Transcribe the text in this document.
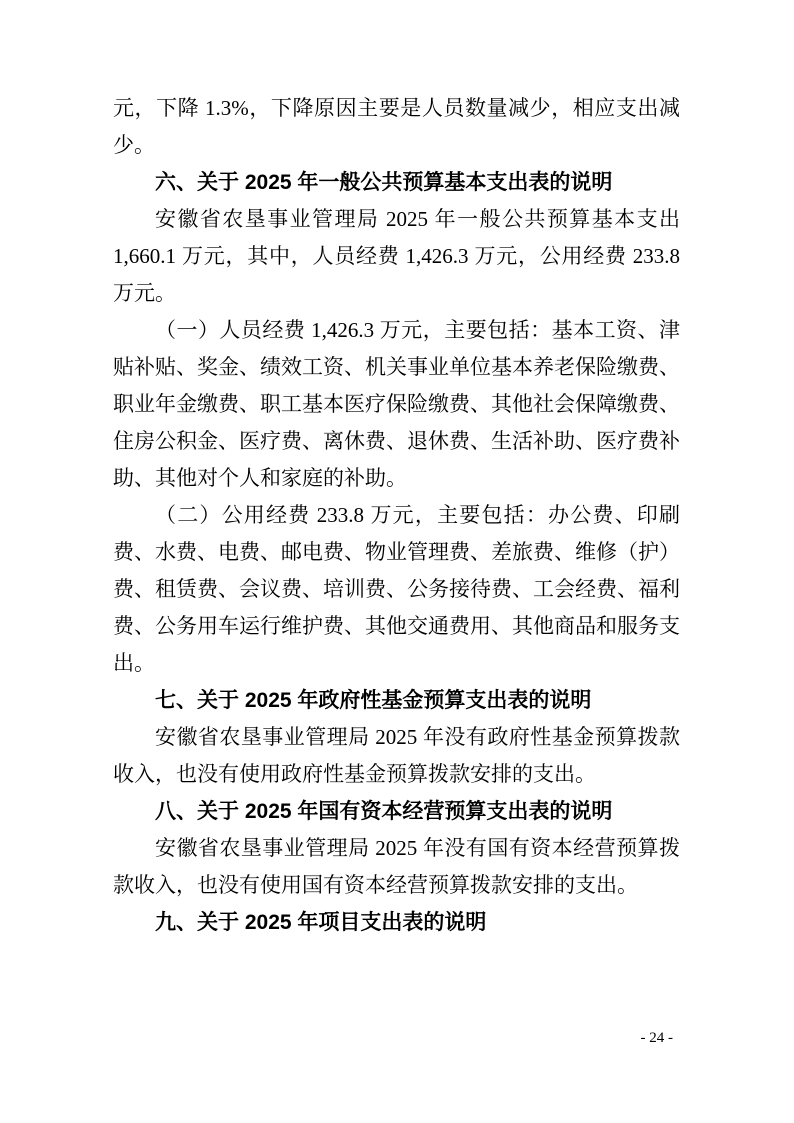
元，下降 1.3%，下降原因主要是人员数量减少，相应支出减少。

六、关于 2025 年一般公共预算基本支出表的说明

安徽省农垦事业管理局 2025 年一般公共预算基本支出 1,660.1 万元，其中，人员经费 1,426.3 万元，公用经费 233.8 万元。

（一）人员经费 1,426.3 万元，主要包括：基本工资、津贴补贴、奖金、绩效工资、机关事业单位基本养老保险缴费、职业年金缴费、职工基本医疗保险缴费、其他社会保障缴费、住房公积金、医疗费、离休费、退休费、生活补助、医疗费补助、其他对个人和家庭的补助。

（二）公用经费 233.8 万元，主要包括：办公费、印刷费、水费、电费、邮电费、物业管理费、差旅费、维修（护）费、租赁费、会议费、培训费、公务接待费、工会经费、福利费、公务用车运行维护费、其他交通费用、其他商品和服务支出。

七、关于 2025 年政府性基金预算支出表的说明

安徽省农垦事业管理局 2025 年没有政府性基金预算拨款收入，也没有使用政府性基金预算拨款安排的支出。

八、关于 2025 年国有资本经营预算支出表的说明

安徽省农垦事业管理局 2025 年没有国有资本经营预算拨款收入，也没有使用国有资本经营预算拨款安排的支出。

九、关于 2025 年项目支出表的说明
- 24 -
